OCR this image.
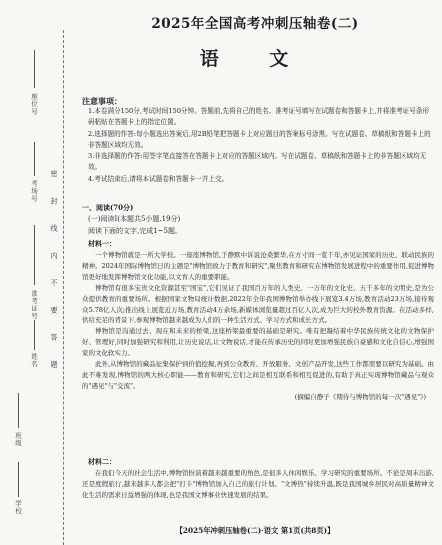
座位号
考场号
准考证号
姓名
班级
学校
密 封 线 内 不 要 答 题
2025年全国高考冲刺压轴卷(二)
语 文
注意事项：
1.本卷满分150分,考试时间150分钟。答题前,先将自己的姓名、准考证号填写在试题卷和答题卡上,并将准考证号条形码粘贴在答题卡上的指定位置。
2.选择题的作答:每小题选出答案后,用2B铅笔把答题卡上对应题目的答案标号涂黑。写在试题卷、草稿纸和答题卡上的非答题区域均无效。
3.非选择题的作答:用签字笔直接答在答题卡上对应的答题区域内。写在试题卷、草稿纸和答题卡上的非答题区域均无效。
4.考试结束后,请将本试题卷和答题卡一并上交。
一、阅读(70分)
(一)阅读Ⅰ(本题共5小题,19分)
阅读下面的文字,完成1~5题。
材料一：

一个博物馆就是一所大学校。一座座博物馆,于静默中诉说沧桑繁华,在方寸间一览千年,亦见证国家的历史、联动民族的精神。2024年国际博物馆日的主题是"博物馆致力于教育和研究",聚焦教育和研究在博物馆发展进程中的重要作用,促进博物馆更好地发挥博物馆文化功能,以文育人的重要职能。

博物馆有很多宝贵文化资源甚至"国宝",它们见证了我国百万年的人类史、一万年的文化史、五千多年的文明史,是为公众提供教育的重要场所。根据国家文物局统计数据,2022年全年我国博物馆举办线下展览3.4万场,教育活动23万场,接待观众5.78亿人次;推出线上展览近万场,教育活动4万余场,新媒体浏览量超过百亿人次,成为巨大的校外教育资源。在活动多样,供给充足的背景下,参观博物馆越来越成为人们的一种生活方式、学习方式和成长方式。

博物馆是沟通过去、现在和未来的桥梁,这座桥梁最重要的基础是研究。唯有把凝结着中华民族传统文化的文物保护好、管理好,同时加强研究和利用,让历史说话,让文物说话,才能在传承历史的同时更加增强民族自豪感和文化自信心,增强国家的文化软实力。

此外,从博物馆的藏品征集保护到价值挖掘,再到公众教育、开放服务、文创产品开发,这些工作都需要以研究为基础。由此不难发现,博物馆的两大核心职能——教育和研究,它们之间是相互联系和相互促进的,有助于真正实现博物馆藏品与观众的"遇见"与"交流"。

(摘编自静子《期待与博物馆的每一次"遇见"》)
材料二：

在我们今天的社会生活中,博物馆扮演着越来越重要的角色,是很多人休闲娱乐、学习研究的重要场所。不论是周末出游,还是度假旅行,越来越多人都会把"打卡"博物馆加入自己的旅行计划。"文博热"持续升温,既是我国城乡居民对高质量精神文化生活的需求日益增强的体现,也是我国文博事业快速发展的结果。

【2025年冲刺压轴卷(二)·语文 第1页(共8页)】
